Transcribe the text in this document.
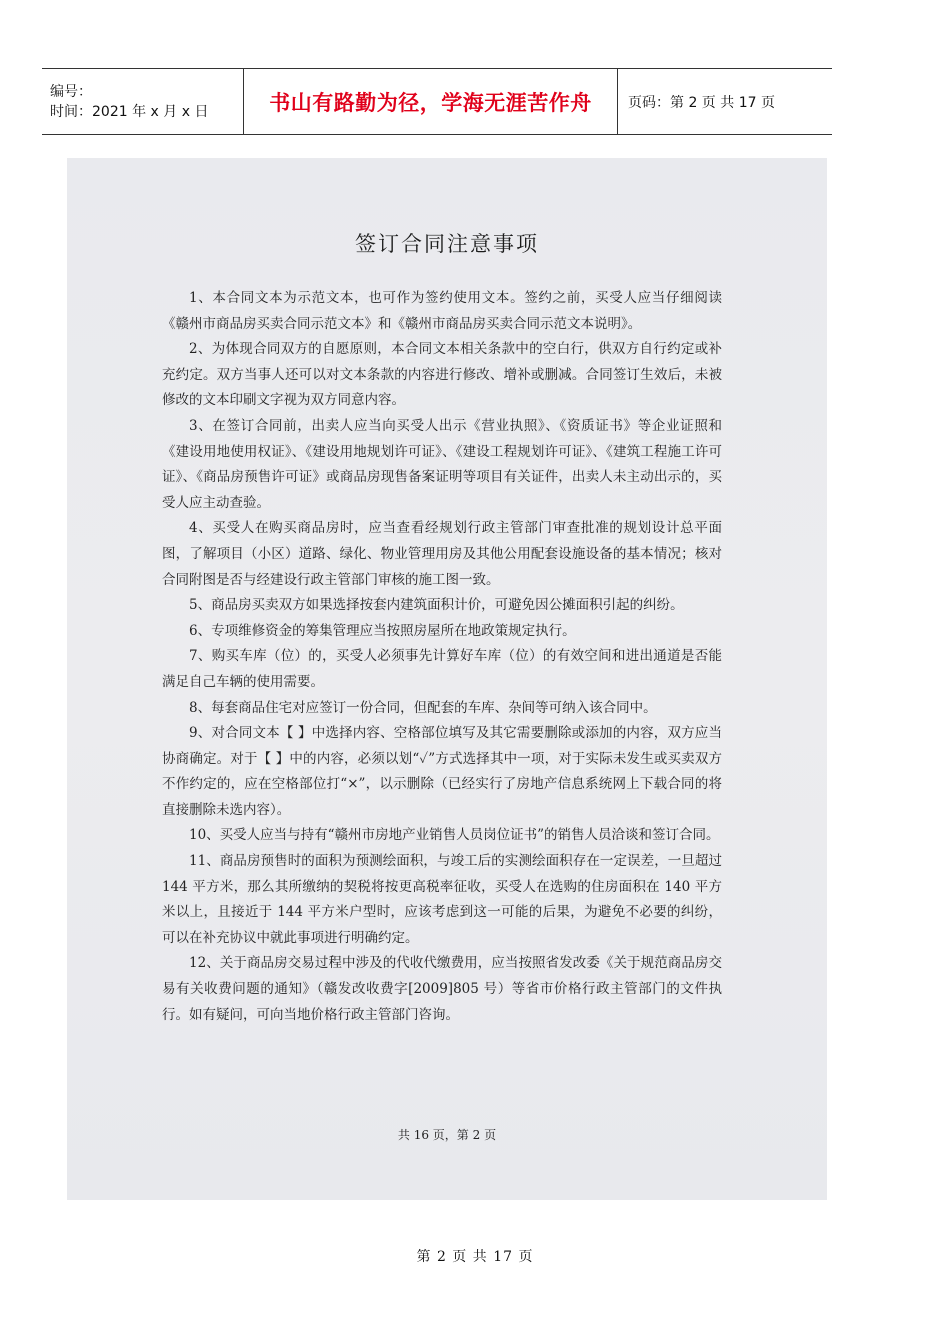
编号：
时间：2021 年 x 月 x 日	书山有路勤为径，学海无涯苦作舟	页码：第 2 页 共 17 页
签订合同注意事项

1、本合同文本为示范文本，也可作为签约使用文本。签约之前，买受人应当仔细阅读《赣州市商品房买卖合同示范文本》和《赣州市商品房买卖合同示范文本说明》。

2、为体现合同双方的自愿原则，本合同文本相关条款中的空白行，供双方自行约定或补充约定。双方当事人还可以对文本条款的内容进行修改、增补或删减。合同签订生效后，未被修改的文本印刷文字视为双方同意内容。

3、在签订合同前，出卖人应当向买受人出示《营业执照》、《资质证书》等企业证照和《建设用地使用权证》、《建设用地规划许可证》、《建设工程规划许可证》、《建筑工程施工许可证》、《商品房预售许可证》或商品房现售备案证明等项目有关证件，出卖人未主动出示的，买受人应主动查验。

4、买受人在购买商品房时，应当查看经规划行政主管部门审查批准的规划设计总平面图，了解项目（小区）道路、绿化、物业管理用房及其他公用配套设施设备的基本情况；核对合同附图是否与经建设行政主管部门审核的施工图一致。

5、商品房买卖双方如果选择按套内建筑面积计价，可避免因公摊面积引起的纠纷。

6、专项维修资金的筹集管理应当按照房屋所在地政策规定执行。

7、购买车库（位）的，买受人必须事先计算好车库（位）的有效空间和进出通道是否能满足自己车辆的使用需要。

8、每套商品住宅对应签订一份合同，但配套的车库、杂间等可纳入该合同中。

9、对合同文本【 】中选择内容、空格部位填写及其它需要删除或添加的内容，双方应当协商确定。对于【 】中的内容，必须以划“✓”方式选择其中一项，对于实际未发生或买卖双方不作约定的，应在空格部位打“×”，以示删除（已经实行了房地产信息系统网上下载合同的将直接删除未选内容）。

10、买受人应当与持有“赣州市房地产业销售人员岗位证书”的销售人员洽谈和签订合同。

11、商品房预售时的面积为预测绘面积，与竣工后的实测绘面积存在一定误差，一旦超过 144 平方米，那么其所缴纳的契税将按更高税率征收，买受人在选购的住房面积在 140 平方米以上，且接近于 144 平方米户型时，应该考虑到这一可能的后果，为避免不必要的纠纷，可以在补充协议中就此事项进行明确约定。

12、关于商品房交易过程中涉及的代收代缴费用，应当按照省发改委《关于规范商品房交易有关收费问题的通知》（赣发改收费字[2009]805 号）等省市价格行政主管部门的文件执行。如有疑问，可向当地价格行政主管部门咨询。

共 16 页，第 2 页
第 2 页 共 17 页
